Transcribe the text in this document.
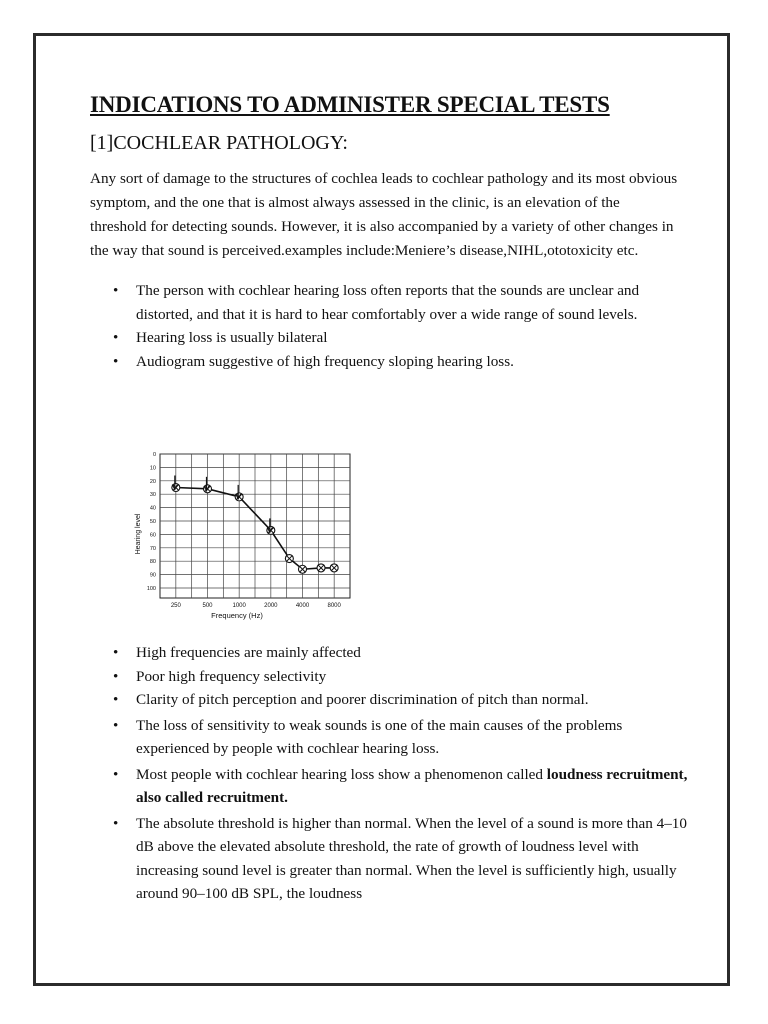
INDICATIONS TO ADMINISTER SPECIAL TESTS
[1]COCHLEAR PATHOLOGY:

Any sort of damage to the structures of cochlea leads to cochlear pathology and its most obvious symptom, and the one that is almost always assessed in the clinic, is an elevation of the threshold for detecting sounds. However, it is also accompanied by a variety of other changes in the way that sound is perceived.examples include:Meniere’s disease,NIHL,ototoxicity etc.

• The person with cochlear hearing loss often reports that the sounds are unclear and distorted, and that it is hard to hear comfortably over a wide range of sound levels.
• Hearing loss is usually bilateral
• Audiogram suggestive of high frequency sloping hearing loss.
0
10
20
30
40
50
60
70
80
90
100
250	500	1000	2000	4000	8000
Frequency (Hz)
Hearing level
• High frequencies are mainly affected
• Poor high frequency selectivity
• Clarity of pitch perception and poorer discrimination of pitch than normal.
• The loss of sensitivity to weak sounds is one of the main causes of the problems experienced by people with cochlear hearing loss.
• Most people with cochlear hearing loss show a phenomenon called loudness recruitment, also called recruitment.
• The absolute threshold is higher than normal. When the level of a sound is more than 4–10 dB above the elevated absolute threshold, the rate of growth of loudness level with increasing sound level is greater than normal. When the level is sufficiently high, usually around 90–100 dB SPL, the loudness
